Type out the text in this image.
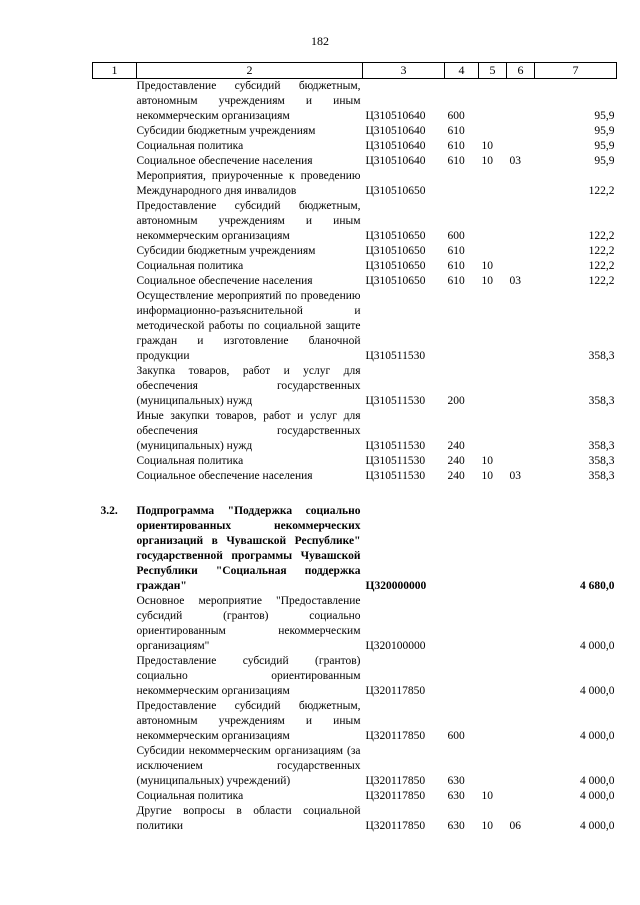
182
1	2	3	4	5	6	7
	Предоставление субсидий бюджетным, автономным учреждениям и иным некоммерческим организациям	Ц310510640	600			95,9
	Субсидии бюджетным учреждениям	Ц310510640	610			95,9
	Социальная политика	Ц310510640	610	10		95,9
	Социальное обеспечение населения	Ц310510640	610	10	03	95,9
	Мероприятия, приуроченные к проведению Международного дня инвалидов	Ц310510650				122,2
	Предоставление субсидий бюджетным, автономным учреждениям и иным некоммерческим организациям	Ц310510650	600			122,2
	Субсидии бюджетным учреждениям	Ц310510650	610			122,2
	Социальная политика	Ц310510650	610	10		122,2
	Социальное обеспечение населения	Ц310510650	610	10	03	122,2
	Осуществление мероприятий по проведению информационно-разъяснительной и методической работы по социальной защите граждан и изготовление бланочной продукции	Ц310511530				358,3
	Закупка товаров, работ и услуг для обеспечения государственных (муниципальных) нужд	Ц310511530	200			358,3
	Иные закупки товаров, работ и услуг для обеспечения государственных (муниципальных) нужд	Ц310511530	240			358,3
	Социальная политика	Ц310511530	240	10		358,3
	Социальное обеспечение населения	Ц310511530	240	10	03	358,3

3.2.	Подпрограмма "Поддержка социально ориентированных некоммерческих организаций в Чувашской Республике" государственной программы Чувашской Республики "Социальная поддержка граждан"	Ц320000000				4 680,0
	Основное мероприятие "Предоставление субсидий (грантов) социально ориентированным некоммерческим организациям"	Ц320100000				4 000,0
	Предоставление субсидий (грантов) социально ориентированным некоммерческим организациям	Ц320117850				4 000,0
	Предоставление субсидий бюджетным, автономным учреждениям и иным некоммерческим организациям	Ц320117850	600			4 000,0
	Субсидии некоммерческим организациям (за исключением государственных (муниципальных) учреждений)	Ц320117850	630			4 000,0
	Социальная политика	Ц320117850	630	10		4 000,0
	Другие вопросы в области социальной политики	Ц320117850	630	10	06	4 000,0
